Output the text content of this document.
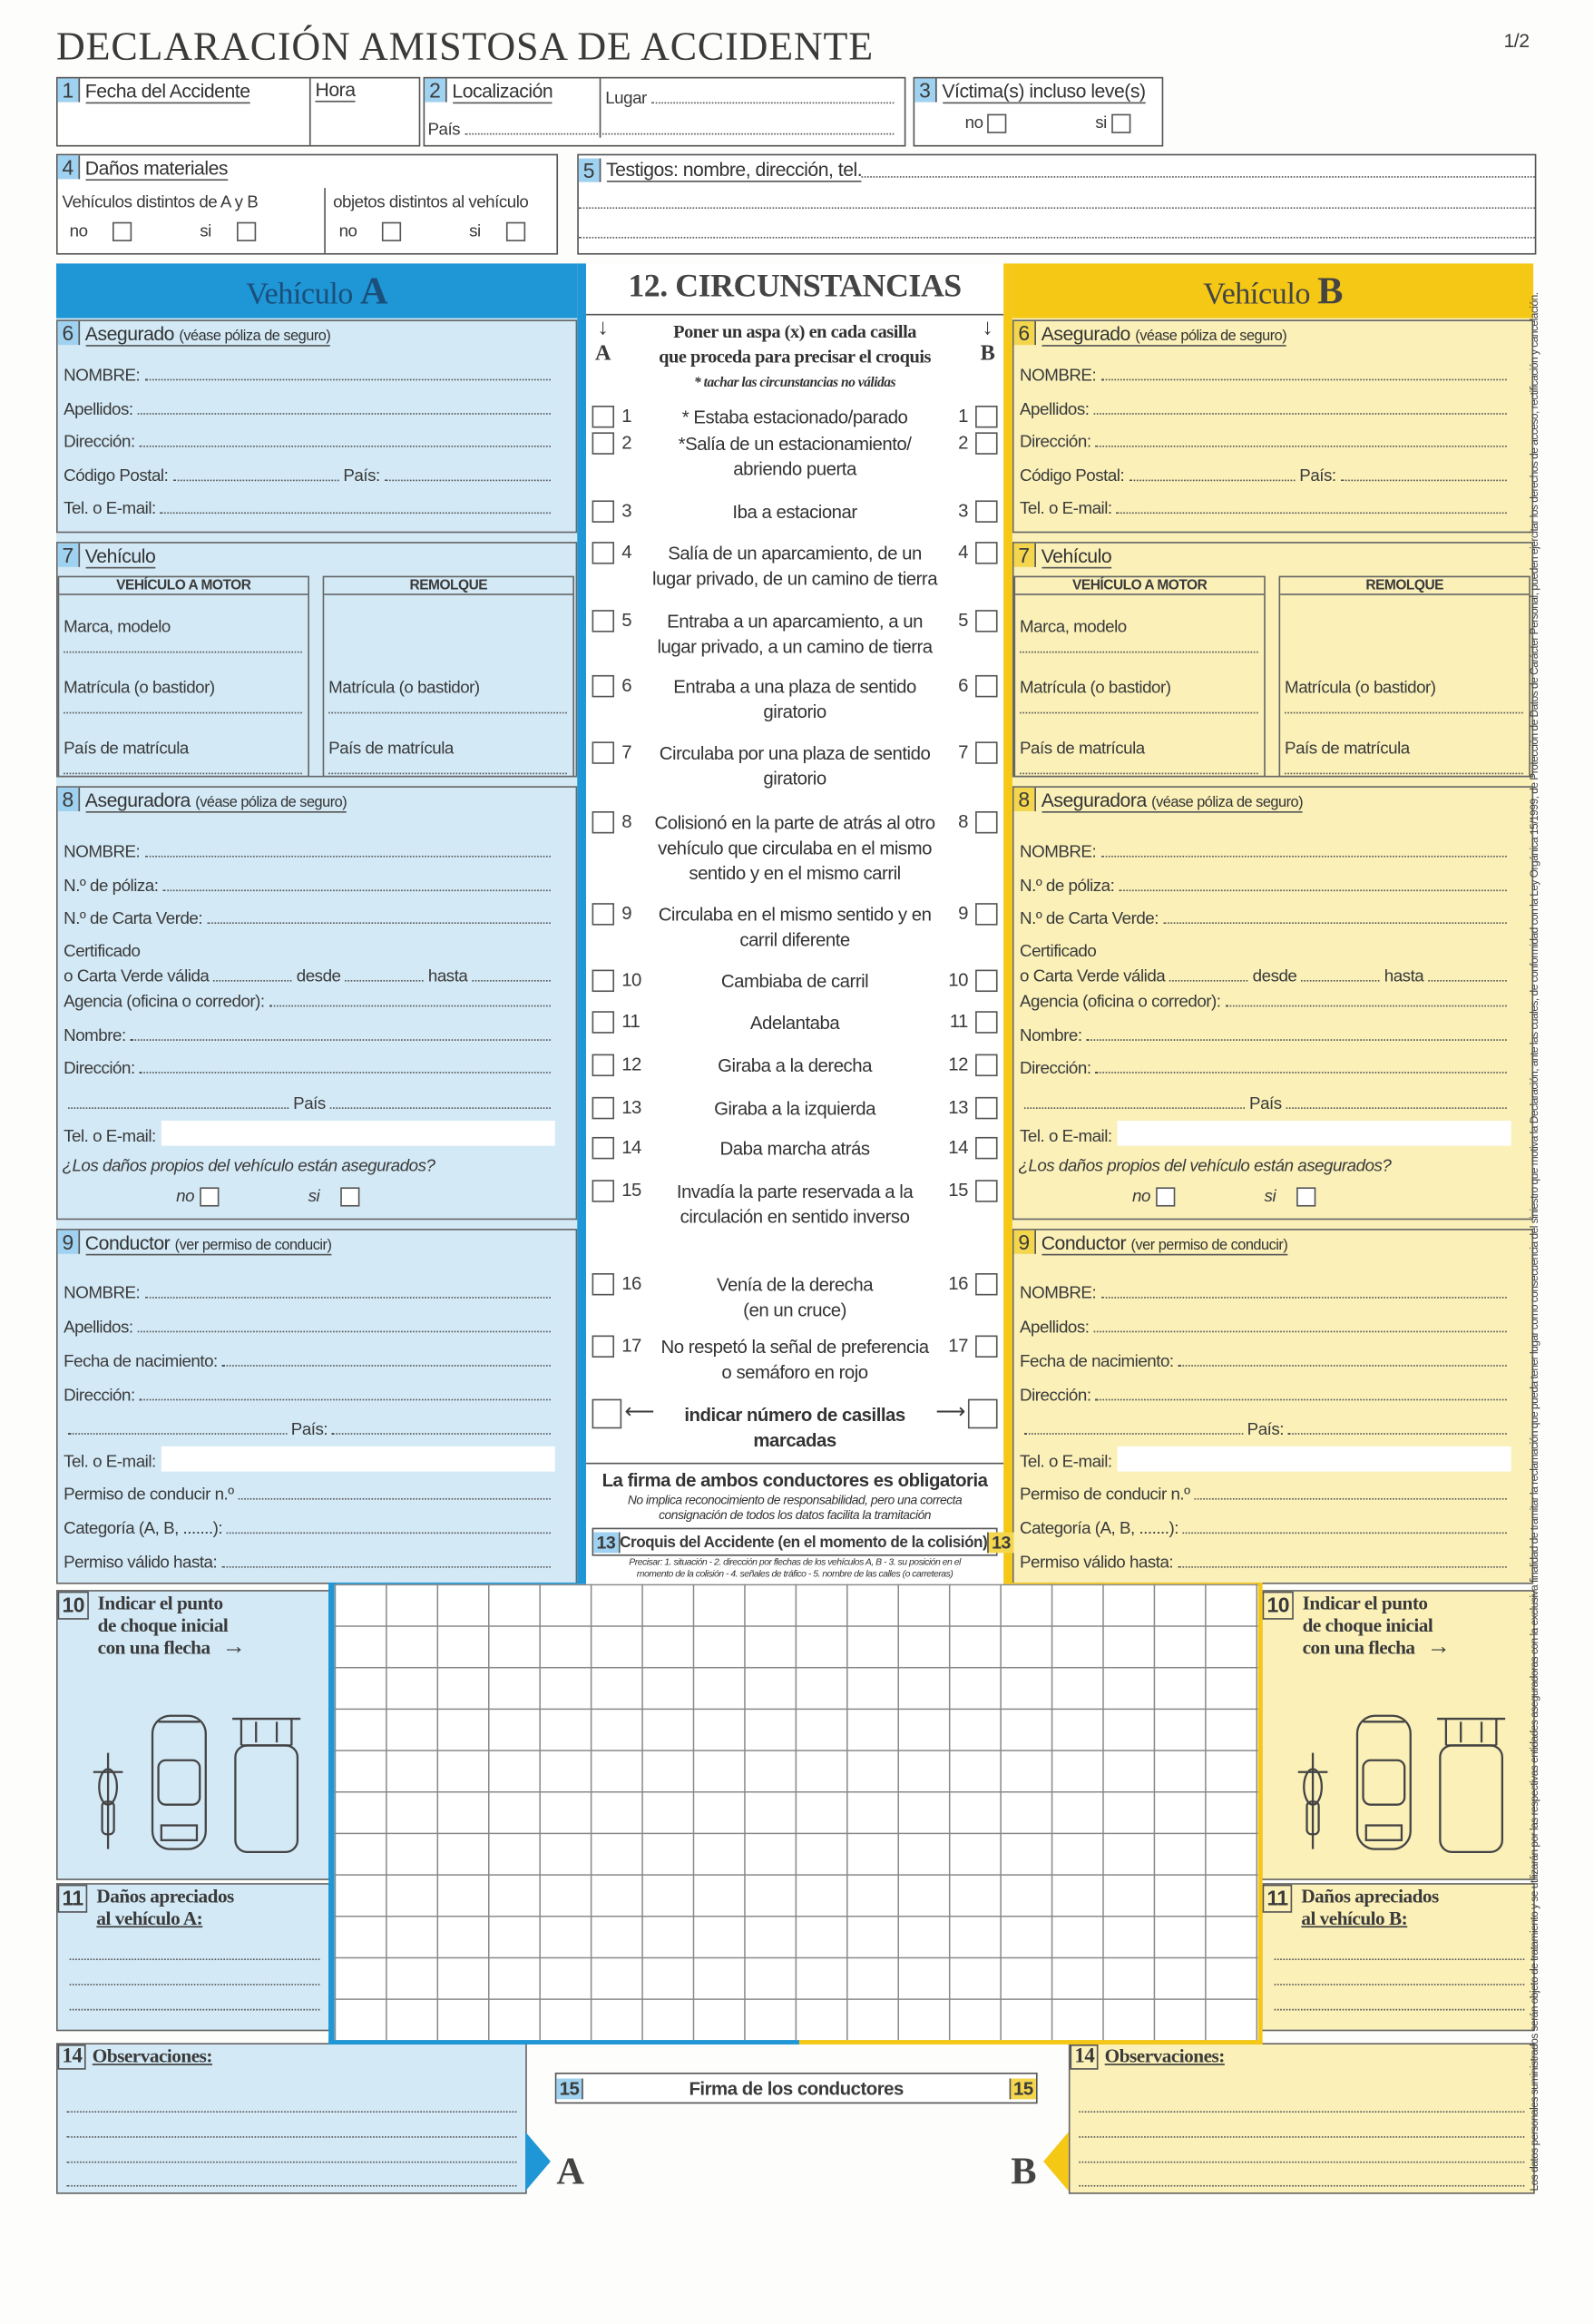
DECLARACIÓN AMISTOSA DE ACCIDENTE	1/2
1 Fecha del Accidente	Hora	2 Localización	Lugar
País
3 Víctima(s) incluso leve(s)
no	si
4 Daños materiales
Vehículos distintos de A y B	objetos distintos al vehículo
no	si	no	si
5	Testigos: nombre, dirección, tel.
Vehículo A
6 Asegurado (véase póliza de seguro)
NOMBRE:
Apellidos:
Dirección:
Código Postal:	País:
Tel. o E-mail:
7 Vehículo
VEHÍCULO A MOTOR
Marca, modelo
Matrícula (o bastidor)
País de matrícula
REMOLQUE
Matrícula (o bastidor)
País de matrícula
8 Aseguradora (véase póliza de seguro)
NOMBRE:
N.º de póliza:
N.º de Carta Verde:
Certificado
o Carta Verde válida	desde	hasta
Agencia (oficina o corredor):
Nombre:
Dirección:
País
Tel. o E-mail:
¿Los daños propios del vehículo están asegurados?
no	si
9 Conductor (ver permiso de conducir)
NOMBRE:
Apellidos:
Fecha de nacimiento:
Dirección:
País:
Tel. o E-mail:
Permiso de conducir n.º
Categoría (A, B, .......):
Permiso válido hasta:
10	Indicar el punto
de choque inicial
con una flecha →
11	Daños apreciados
al vehículo A:
14 Observaciones:
Vehículo B
6 Asegurado (véase póliza de seguro)
NOMBRE:
Apellidos:
Dirección:
Código Postal:	País:
Tel. o E-mail:
7 Vehículo
VEHÍCULO A MOTOR
Marca, modelo
Matrícula (o bastidor)
País de matrícula
REMOLQUE
Matrícula (o bastidor)
País de matrícula
8 Aseguradora (véase póliza de seguro)
NOMBRE:
N.º de póliza:
N.º de Carta Verde:
Certificado
o Carta Verde válida	desde	hasta
Agencia (oficina o corredor):
Nombre:
Dirección:
País
Tel. o E-mail:
¿Los daños propios del vehículo están asegurados?
no	si
9 Conductor (ver permiso de conducir)
NOMBRE:
Apellidos:
Fecha de nacimiento:
Dirección:
País:
Tel. o E-mail:
Permiso de conducir n.º
Categoría (A, B, .......):
Permiso válido hasta:
10	Indicar el punto
de choque inicial
con una flecha →
11	Daños apreciados
al vehículo B:
14 Observaciones:
12. CIRCUNSTANCIAS
↓
A
↓
B
Poner un aspa (x) en cada casilla
que proceda para precisar el croquis
* tachar las circunstancias no válidas
1	1
* Estaba estacionado/parado
2	2
*Salía de un estacionamiento/
abriendo puerta
3	3
Iba a estacionar
4	4
Salía de un aparcamiento, de un
lugar privado, de un camino de tierra
5	5
Entraba a un aparcamiento, a un
lugar privado, a un camino de tierra
6	6
Entraba a una plaza de sentido
giratorio
7	7
Circulaba por una plaza de sentido
giratorio
8	8
Colisionó en la parte de atrás al otro
vehículo que circulaba en el mismo
sentido y en el mismo carril
9	9
Circulaba en el mismo sentido y en
carril diferente
10	10
Cambiaba de carril
11	11
Adelantaba
12	12
Giraba a la derecha
13	13
Giraba a la izquierda
14	14
Daba marcha atrás
15	15
Invadía la parte reservada a la
circulación en sentido inverso
16	16
Venía de la derecha
(en un cruce)
17	17
No respetó la señal de preferencia
o semáforo en rojo
⟵	⟶
indicar número de casillas
marcadas
La firma de ambos conductores es obligatoria
No implica reconocimiento de responsabilidad, pero una correcta
consignación de todos los datos facilita la tramitación
13 Croquis del Accidente (en el momento de la colisión) 13
Precisar: 1. situación - 2. dirección por flechas de los vehículos A, B - 3. su posición en el
momento de la colisión - 4. señales de tráfico - 5. nombre de las calles (o carreteras)
15	Firma de los conductores	15
A	B	Los datos personales suministrados serán objeto de tratamiento y se utilizarán por las respectivas entidades aseguradoras con la exclusiva finalidad de tramitar la reclamación que pueda tener lugar como consecuencia del siniestro que motiva la Declaración, ante las cuales, de conformidad con la Ley Orgánica 15/1999, de Protección de Datos de Carácter Personal, pueden ejercitar los derechos de acceso, rectificación y cancelación.
